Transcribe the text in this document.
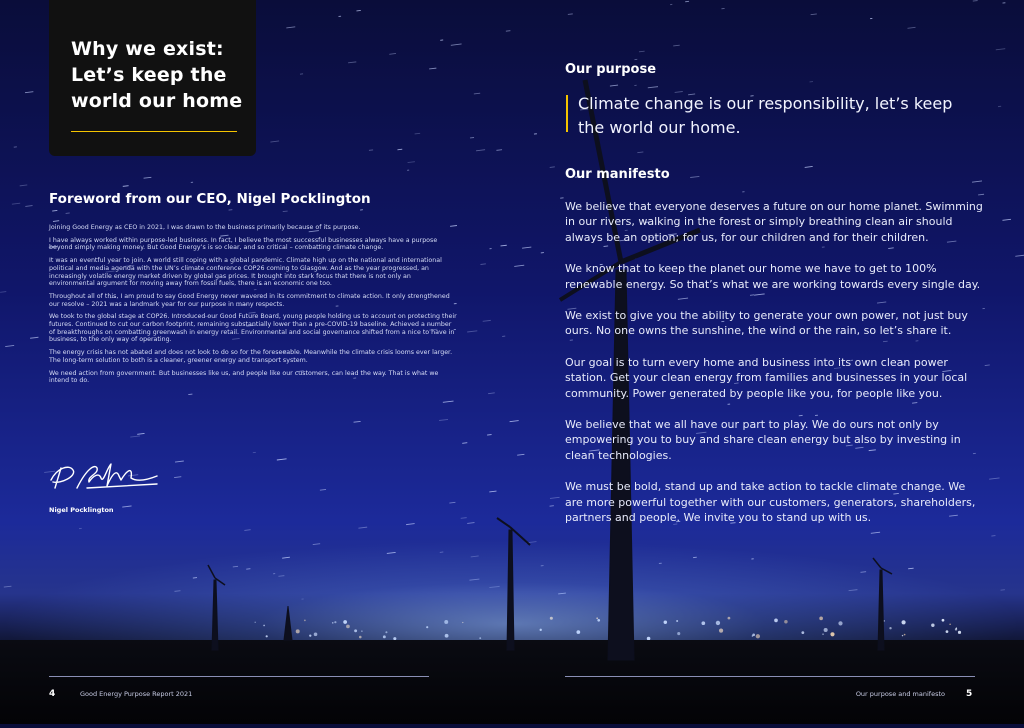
Why we exist: Let’s keep the world our home
Foreword from our CEO, Nigel Pocklington

Joining Good Energy as CEO in 2021, I was drawn to the business primarily because of its purpose.

I have always worked within purpose-led business. In fact, I believe the most successful businesses always have a purpose beyond simply making money. But Good Energy’s is so clear, and so critical – combatting climate change.

It was an eventful year to join. A world still coping with a global pandemic. Climate high up on the national and international political and media agenda with the UN’s climate conference COP26 coming to Glasgow. And as the year progressed, an increasingly volatile energy market driven by global gas prices. It brought into stark focus that there is not only an environmental argument for moving away from fossil fuels, there is an economic one too.

Throughout all of this, I am proud to say Good Energy never wavered in its commitment to climate action. It only strengthened our resolve – 2021 was a landmark year for our purpose in many respects.

We took to the global stage at COP26. Introduced our Good Future Board, young people holding us to account on protecting their futures. Continued to cut our carbon footprint, remaining substantially lower than a pre-COVID-19 baseline. Achieved a number of breakthroughs on combatting greenwash in energy retail. Environmental and social governance shifted from a nice to have in business, to the only way of operating.

The energy crisis has not abated and does not look to do so for the foreseeable. Meanwhile the climate crisis looms ever larger. The long-term solution to both is a cleaner, greener energy and transport system.

We need action from government. But businesses like us, and people like our customers, can lead the way. That is what we intend to do.

Nigel Pocklington
4	Good Energy Purpose Report 2021
Our purpose

Climate change is our responsibility, let’s keep the world our home.

Our manifesto

We believe that everyone deserves a future on our home planet. Swimming in our rivers, walking in the forest or simply breathing clean air should always be an option; for us, for our children and for their children.

We know that to keep the planet our home we have to get to 100% renewable energy. So that’s what we are working towards every single day.

We exist to give you the ability to generate your own power, not just buy ours. No one owns the sunshine, the wind or the rain, so let’s share it.

Our goal is to turn every home and business into its own clean power station. Get your clean energy from families and businesses in your local community. Power generated by people like you, for people like you.

We believe that we all have our part to play. We do ours not only by empowering you to buy and share clean energy but also by investing in clean technologies.

We must be bold, stand up and take action to tackle climate change. We are more powerful together with our customers, generators, shareholders, partners and people. We invite you to stand up with us.

Our purpose and manifesto 5
